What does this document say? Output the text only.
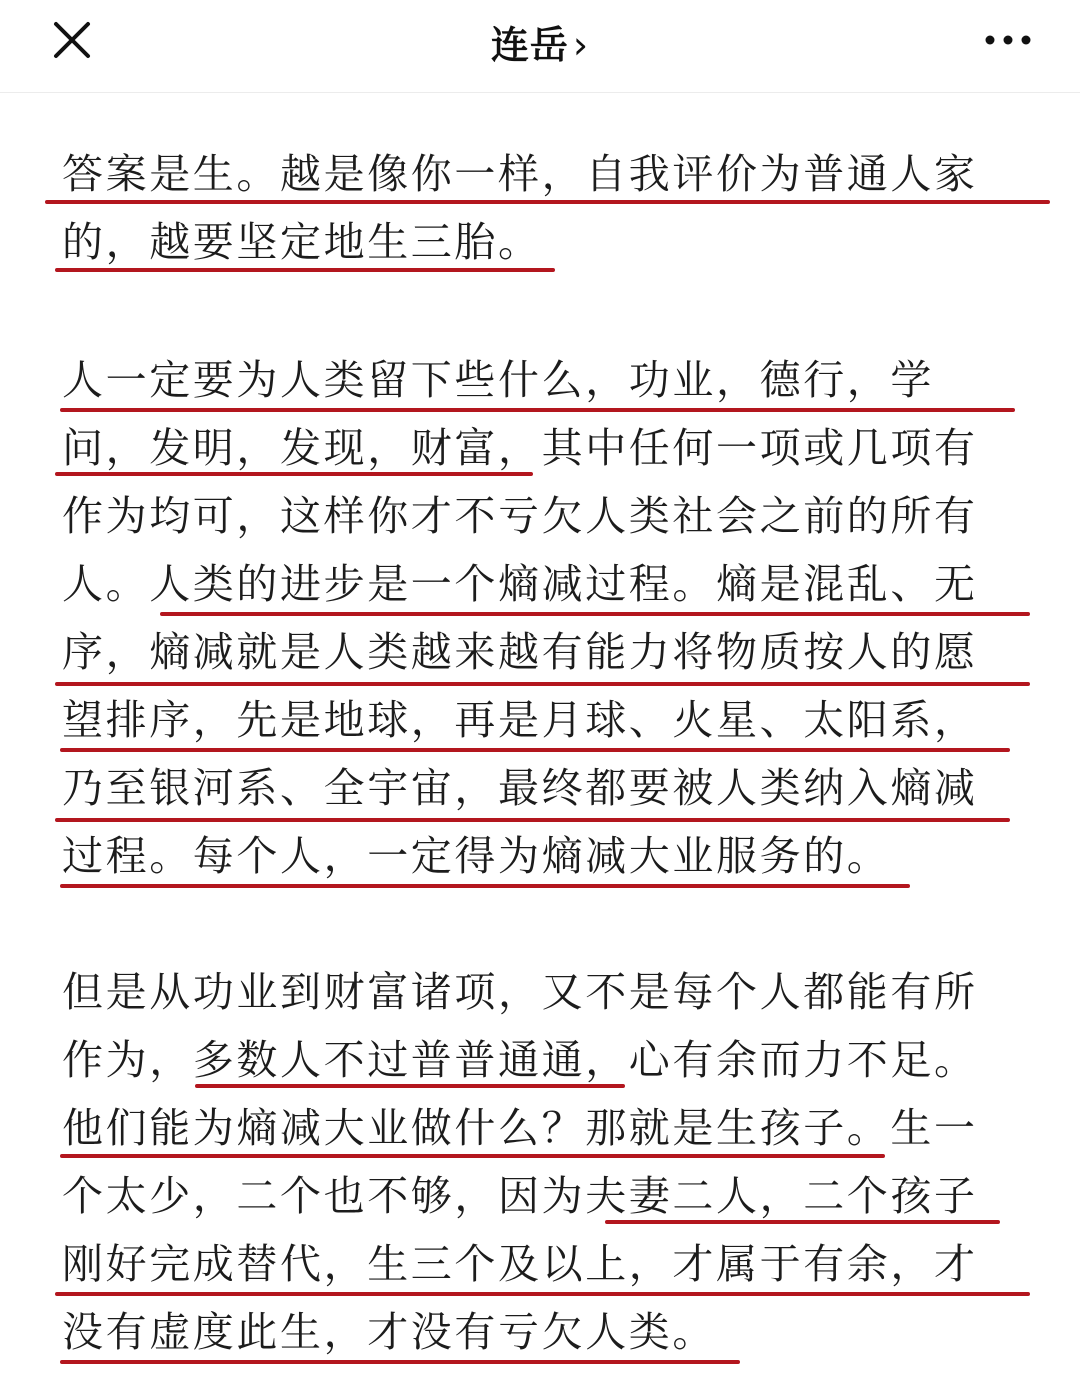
连岳 ›
答案是生。越是像你一样，自我评价为普通人家
的，越要坚定地生三胎。
人一定要为人类留下些什么，功业，德行，学
问，发明，发现，财富，其中任何一项或几项有
作为均可，这样你才不亏欠人类社会之前的所有
人。人类的进步是一个熵减过程。熵是混乱、无
序，熵减就是人类越来越有能力将物质按人的愿
望排序，先是地球，再是月球、火星、太阳系，
乃至银河系、全宇宙，最终都要被人类纳入熵减
过程。每个人，一定得为熵减大业服务的。
但是从功业到财富诸项，又不是每个人都能有所
作为，多数人不过普普通通，心有余而力不足。
他们能为熵减大业做什么？那就是生孩子。生一
个太少，二个也不够，因为夫妻二人，二个孩子
刚好完成替代，生三个及以上，才属于有余，才
没有虚度此生，才没有亏欠人类。
